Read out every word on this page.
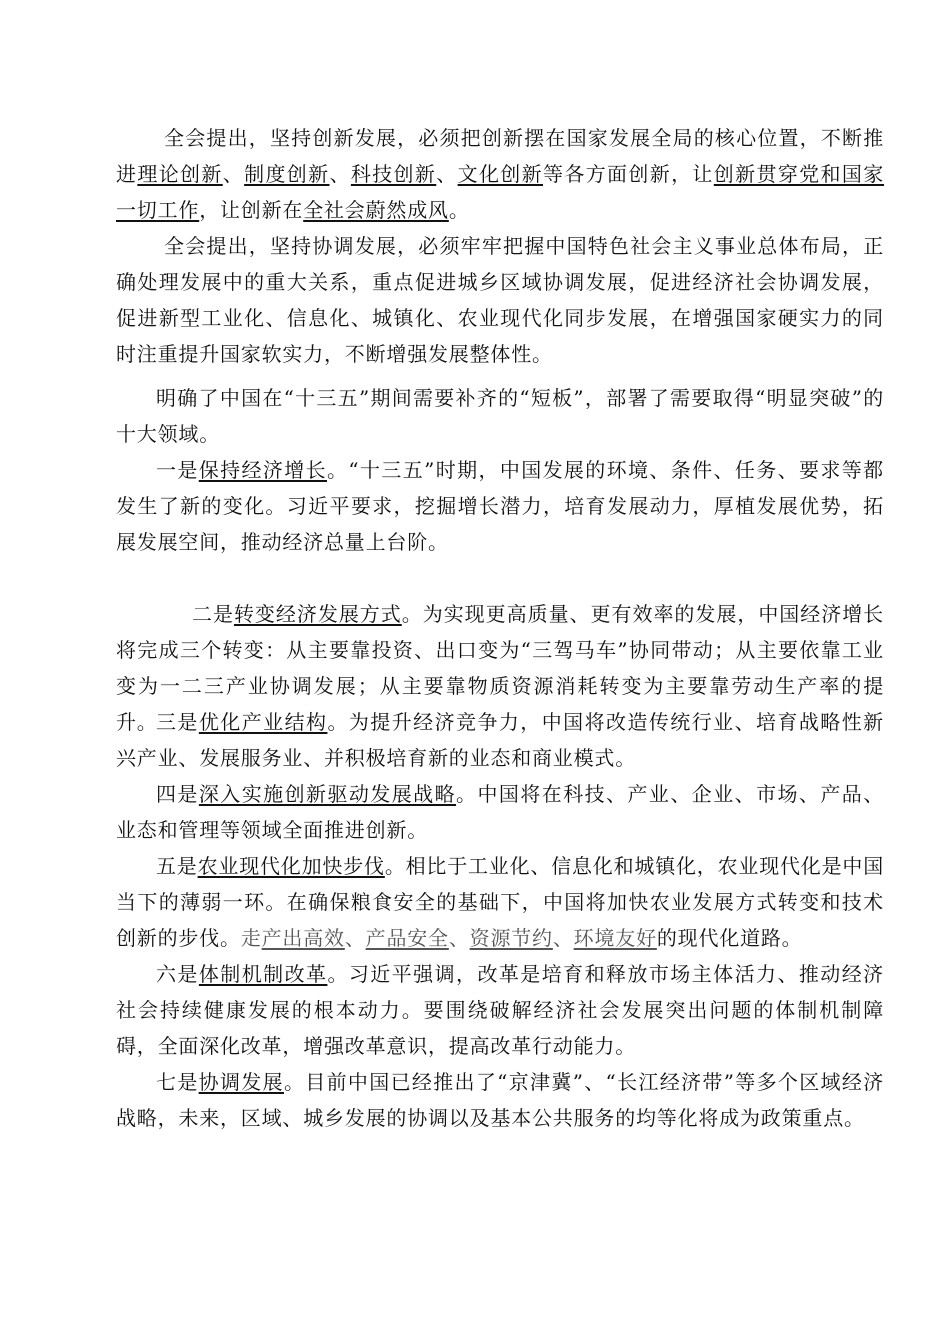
全会提出，坚持创新发展，必须把创新摆在国家发展全局的核心位置，不断推进理论创新、制度创新、科技创新、文化创新等各方面创新，让创新贯穿党和国家一切工作，让创新在全社会蔚然成风。

全会提出，坚持协调发展，必须牢牢把握中国特色社会主义事业总体布局，正确处理发展中的重大关系，重点促进城乡区域协调发展，促进经济社会协调发展，促进新型工业化、信息化、城镇化、农业现代化同步发展，在增强国家硬实力的同时注重提升国家软实力，不断增强发展整体性。

明确了中国在“十三五”期间需要补齐的“短板”，部署了需要取得“明显突破”的十大领域。

一是保持经济增长。“十三五”时期，中国发展的环境、条件、任务、要求等都发生了新的变化。习近平要求，挖掘增长潜力，培育发展动力，厚植发展优势，拓展发展空间，推动经济总量上台阶。

二是转变经济发展方式。为实现更高质量、更有效率的发展，中国经济增长将完成三个转变：从主要靠投资、出口变为“三驾马车”协同带动；从主要依靠工业变为一二三产业协调发展；从主要靠物质资源消耗转变为主要靠劳动生产率的提升。

三是优化产业结构。为提升经济竞争力，中国将改造传统行业、培育战略性新兴产业、发展服务业、并积极培育新的业态和商业模式。

四是深入实施创新驱动发展战略。中国将在科技、产业、企业、市场、产品、业态和管理等领域全面推进创新。

五是农业现代化加快步伐。相比于工业化、信息化和城镇化，农业现代化是中国当下的薄弱一环。在确保粮食安全的基础下，中国将加快农业发展方式转变和技术创新的步伐。走产出高效、产品安全、资源节约、环境友好的现代化道路。

六是体制机制改革。习近平强调，改革是培育和释放市场主体活力、推动经济社会持续健康发展的根本动力。要围绕破解经济社会发展突出问题的体制机制障碍，全面深化改革，增强改革意识，提高改革行动能力。

七是协调发展。目前中国已经推出了“京津冀”、“长江经济带”等多个区域经济战略，未来，区域、城乡发展的协调以及基本公共服务的均等化将成为政策重点。
